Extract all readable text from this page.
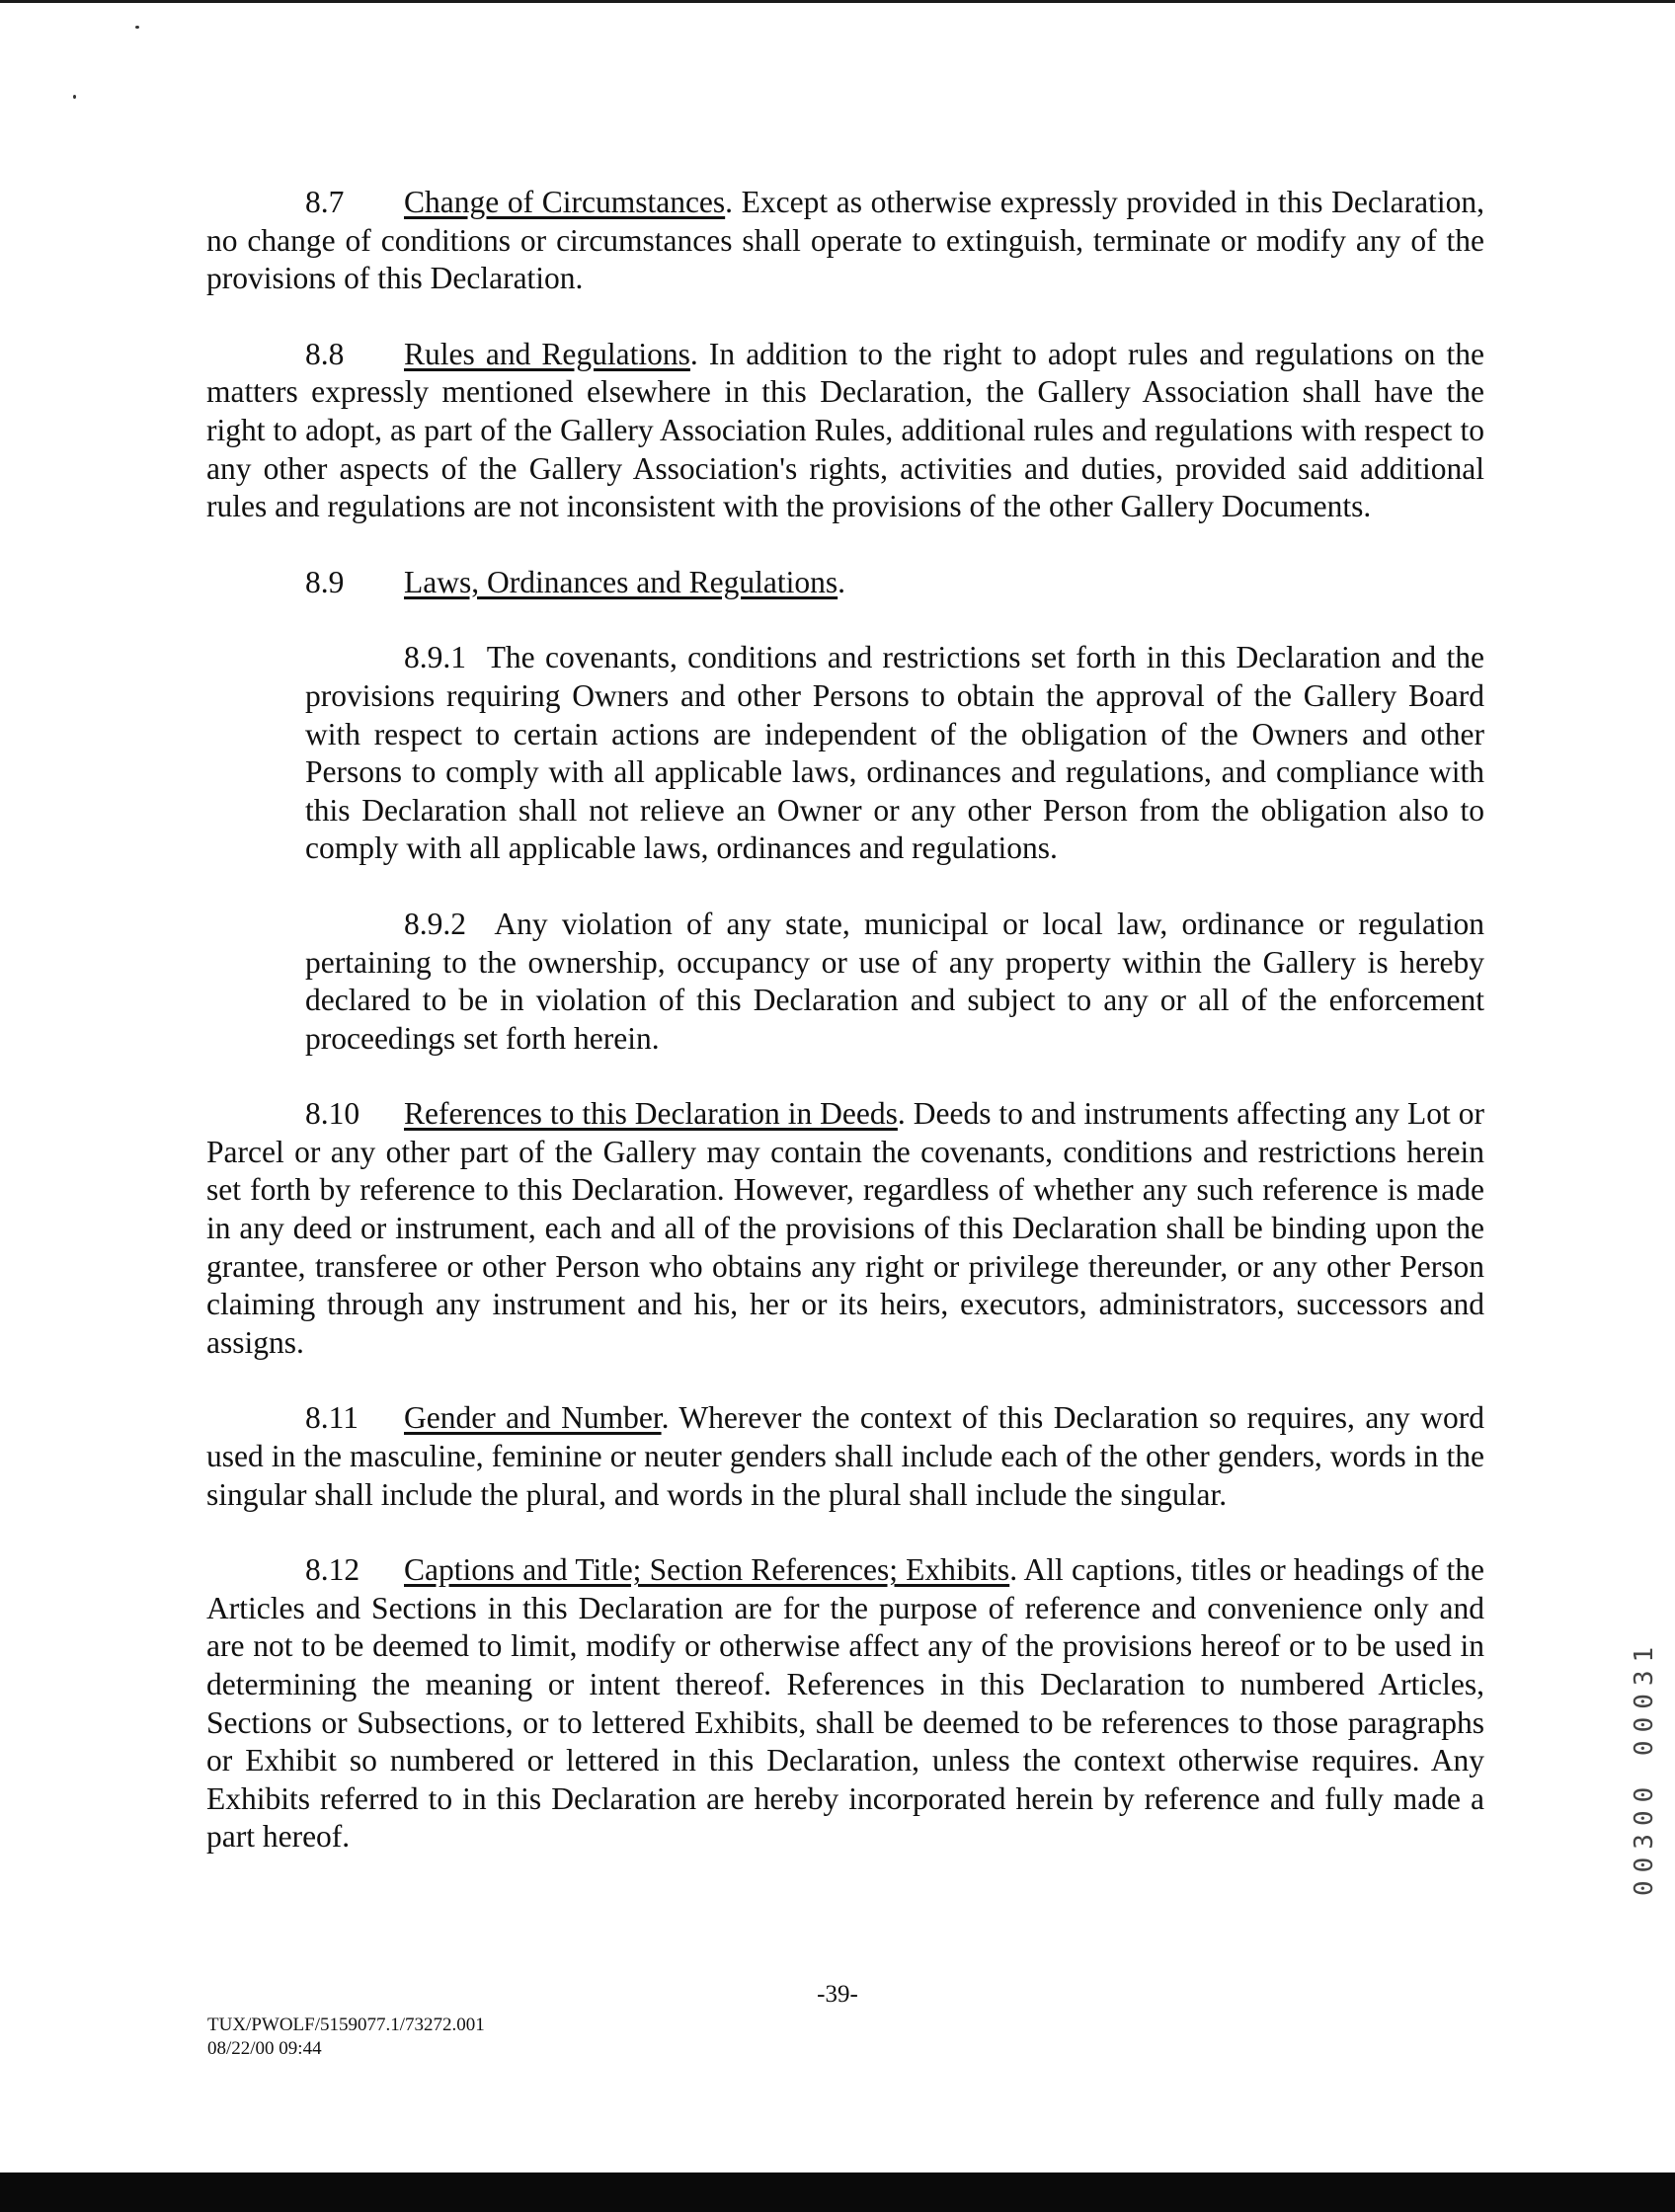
8.7 Change of Circumstances. Except as otherwise expressly provided in this Declaration, no change of conditions or circumstances shall operate to extinguish, terminate or modify any of the provisions of this Declaration.

8.8 Rules and Regulations. In addition to the right to adopt rules and regulations on the matters expressly mentioned elsewhere in this Declaration, the Gallery Association shall have the right to adopt, as part of the Gallery Association Rules, additional rules and regulations with respect to any other aspects of the Gallery Association's rights, activities and duties, provided said additional rules and regulations are not inconsistent with the provisions of the other Gallery Documents.

8.9 Laws, Ordinances and Regulations.

8.9.1 The covenants, conditions and restrictions set forth in this Declaration and the provisions requiring Owners and other Persons to obtain the approval of the Gallery Board with respect to certain actions are independent of the obligation of the Owners and other Persons to comply with all applicable laws, ordinances and regulations, and compliance with this Declaration shall not relieve an Owner or any other Person from the obligation also to comply with all applicable laws, ordinances and regulations.

8.9.2 Any violation of any state, municipal or local law, ordinance or regulation pertaining to the ownership, occupancy or use of any property within the Gallery is hereby declared to be in violation of this Declaration and subject to any or all of the enforcement proceedings set forth herein.

8.10 References to this Declaration in Deeds. Deeds to and instruments affecting any Lot or Parcel or any other part of the Gallery may contain the covenants, conditions and restrictions herein set forth by reference to this Declaration. However, regardless of whether any such reference is made in any deed or instrument, each and all of the provisions of this Declaration shall be binding upon the grantee, transferee or other Person who obtains any right or privilege thereunder, or any other Person claiming through any instrument and his, her or its heirs, executors, administrators, successors and assigns.

8.11 Gender and Number. Wherever the context of this Declaration so requires, any word used in the masculine, feminine or neuter genders shall include each of the other genders, words in the singular shall include the plural, and words in the plural shall include the singular.

8.12 Captions and Title; Section References; Exhibits. All captions, titles or headings of the Articles and Sections in this Declaration are for the purpose of reference and convenience only and are not to be deemed to limit, modify or otherwise affect any of the provisions hereof or to be used in determining the meaning or intent thereof. References in this Declaration to numbered Articles, Sections or Subsections, or to lettered Exhibits, shall be deemed to be references to those paragraphs or Exhibit so numbered or lettered in this Declaration, unless the context otherwise requires. Any Exhibits referred to in this Declaration are hereby incorporated herein by reference and fully made a part hereof.	00300 00031
-39-
TUX/PWOLF/5159077.1/73272.001
08/22/00 09:44
